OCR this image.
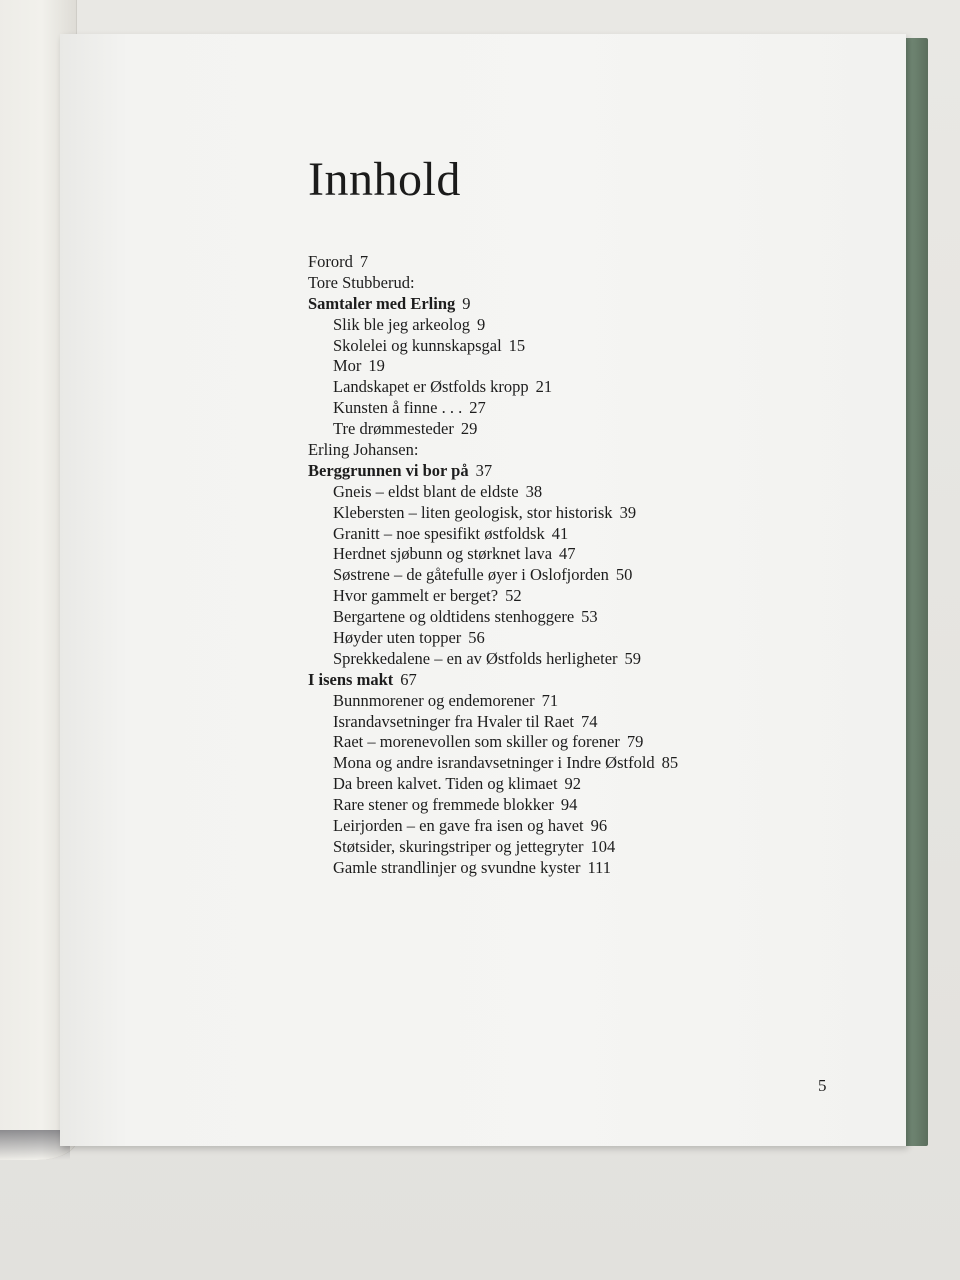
Innhold
Forord 7
Tore Stubberud:
Samtaler med Erling 9
Slik ble jeg arkeolog 9
Skolelei og kunnskapsgal 15
Mor 19
Landskapet er Østfolds kropp 21
Kunsten å finne . . . 27
Tre drømmesteder 29
Erling Johansen:
Berggrunnen vi bor på 37
Gneis – eldst blant de eldste 38
Klebersten – liten geologisk, stor historisk 39
Granitt – noe spesifikt østfoldsk 41
Herdnet sjøbunn og størknet lava 47
Søstrene – de gåtefulle øyer i Oslofjorden 50
Hvor gammelt er berget? 52
Bergartene og oldtidens stenhoggere 53
Høyder uten topper 56
Sprekkedalene – en av Østfolds herligheter 59
I isens makt 67
Bunnmorener og endemorener 71
Israndavsetninger fra Hvaler til Raet 74
Raet – morenevollen som skiller og forener 79
Mona og andre israndavsetninger i Indre Østfold 85
Da breen kalvet. Tiden og klimaet 92
Rare stener og fremmede blokker 94
Leirjorden – en gave fra isen og havet 96
Støtsider, skuringstriper og jettegryter 104
Gamle strandlinjer og svundne kyster 111
5
